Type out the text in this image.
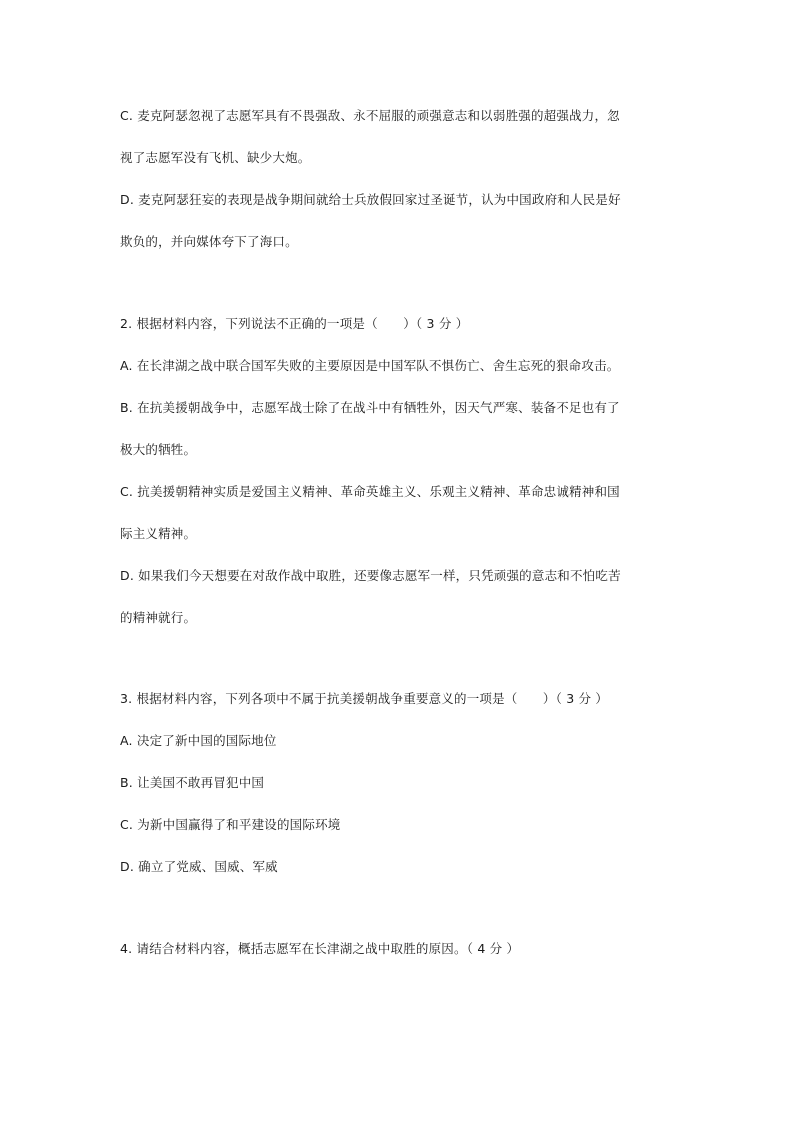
C. 麦克阿瑟忽视了志愿军具有不畏强敌、永不屈服的顽强意志和以弱胜强的超强战力，忽
视了志愿军没有飞机、缺少大炮。
D. 麦克阿瑟狂妄的表现是战争期间就给士兵放假回家过圣诞节，认为中国政府和人民是好
欺负的，并向媒体夸下了海口。
2. 根据材料内容，下列说法不正确的一项是（　　）（ 3 分 ）
A. 在长津湖之战中联合国军失败的主要原因是中国军队不惧伤亡、舍生忘死的狠命攻击。
B. 在抗美援朝战争中，志愿军战士除了在战斗中有牺牲外，因天气严寒、装备不足也有了
极大的牺牲。
C. 抗美援朝精神实质是爱国主义精神、革命英雄主义、乐观主义精神、革命忠诚精神和国
际主义精神。
D. 如果我们今天想要在对敌作战中取胜，还要像志愿军一样，只凭顽强的意志和不怕吃苦
的精神就行。
3. 根据材料内容，下列各项中不属于抗美援朝战争重要意义的一项是（　　）（ 3 分 ）
A. 决定了新中国的国际地位
B. 让美国不敢再冒犯中国
C. 为新中国赢得了和平建设的国际环境
D. 确立了党威、国威、军威
4. 请结合材料内容，概括志愿军在长津湖之战中取胜的原因。（ 4 分 ）
